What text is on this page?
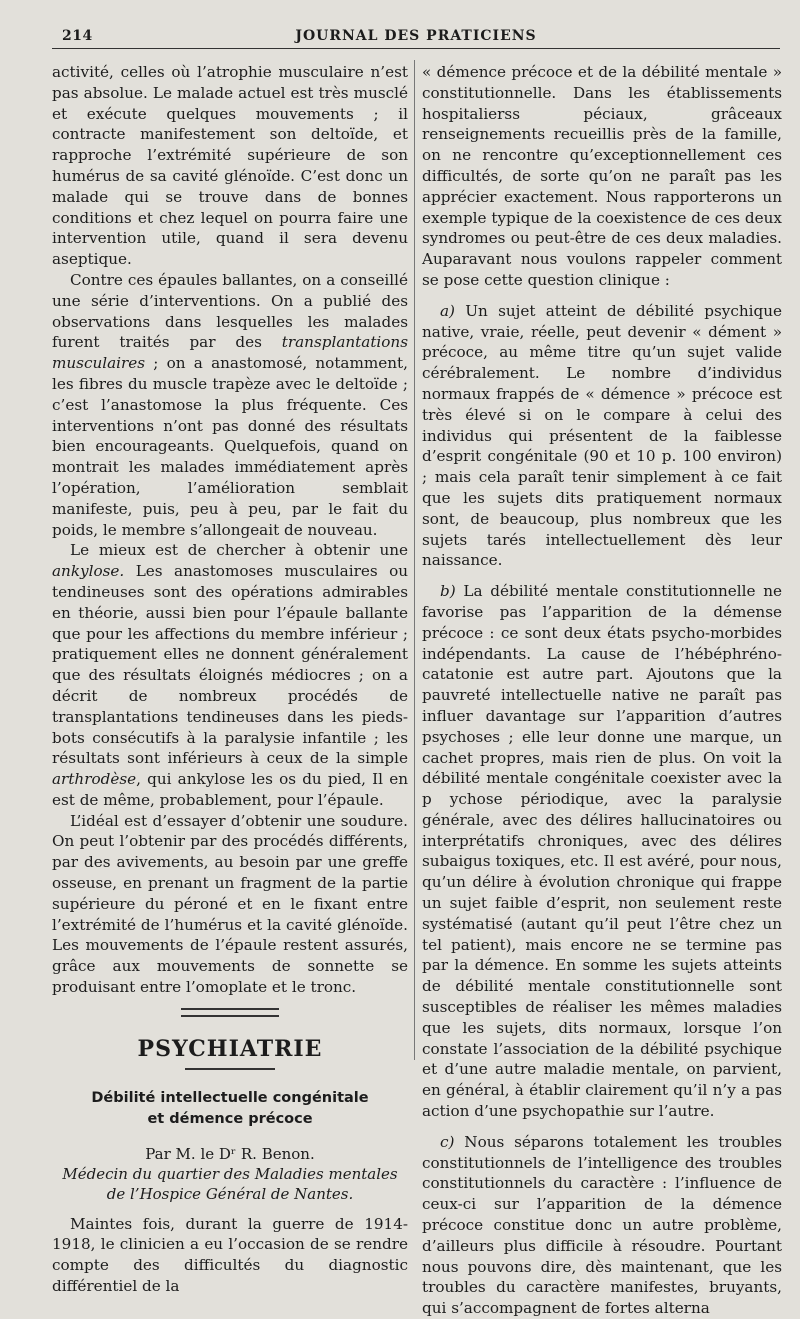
214	JOURNAL DES PRATICIENS

activité, celles où l’atrophie musculaire n’est pas absolue. Le malade actuel est très musclé et exécute quelques mouvements ; il contracte manifestement son deltoïde, et rapproche l’extrémité supérieure de son humérus de sa cavité glénoïde. C’est donc un malade qui se trouve dans de bonnes conditions et chez lequel on pourra faire une intervention utile, quand il sera devenu aseptique.

Contre ces épaules ballantes, on a conseillé une série d’interventions. On a publié des observations dans lesquelles les malades furent traités par des transplantations musculaires ; on a anastomosé, notamment, les fibres du muscle trapèze avec le deltoïde ; c’est l’anastomose la plus fréquente. Ces interventions n’ont pas donné des résultats bien encourageants. Quelquefois, quand on montrait les malades immédiatement après l’opération, l’amélioration semblait manifeste, puis, peu à peu, par le fait du poids, le membre s’allongeait de nouveau.

Le mieux est de chercher à obtenir une ankylose. Les anastomoses musculaires ou tendineuses sont des opérations admirables en théorie, aussi bien pour l’épaule ballante que pour les affections du membre inférieur ; pratiquement elles ne donnent généralement que des résultats éloignés médiocres ; on a décrit de nombreux procédés de transplantations tendineuses dans les pieds-bots consécutifs à la paralysie infantile ; les résultats sont inférieurs à ceux de la simple arthrodèse, qui ankylose les os du pied, Il en est de même, probablement, pour l’épaule.

L’idéal est d’essayer d’obtenir une soudure. On peut l’obtenir par des procédés différents, par des avivements, au besoin par une greffe osseuse, en prenant un fragment de la partie supérieure du péroné et en le fixant entre l’extrémité de l’humérus et la cavité glénoïde. Les mouvements de l’épaule restent assurés, grâce aux mouvements de sonnette se produisant entre l’omoplate et le tronc.

PSYCHIATRIE
Débilité intellectuelle congénitale
et démence précoce
Par M. le Dʳ R. Benon.
Médecin du quartier des Maladies mentales
de l’Hospice Général de Nantes.

Maintes fois, durant la guerre de 1914-1918, le clinicien a eu l’occasion de se rendre compte des difficultés du diagnostic différentiel de la

« démence précoce et de la débilité mentale » constitutionnelle. Dans les établissements hospitalierss péciaux, grâceaux renseignements recueillis près de la famille, on ne rencontre qu’exceptionnellement ces difficultés, de sorte qu’on ne paraît pas les apprécier exactement. Nous rapporterons un exemple typique de la coexistence de ces deux syndromes ou peut-être de ces deux maladies. Auparavant nous voulons rappeler comment se pose cette question clinique :

a) Un sujet atteint de débilité psychique native, vraie, réelle, peut devenir « dément » précoce, au même titre qu’un sujet valide cérébralement. Le nombre d’individus normaux frappés de « démence » précoce est très élevé si on le compare à celui des individus qui présentent de la faiblesse d’esprit congénitale (90 et 10 p. 100 environ) ; mais cela paraît tenir simplement à ce fait que les sujets dits pratiquement normaux sont, de beaucoup, plus nombreux que les sujets tarés intellectuellement dès leur naissance.

b) La débilité mentale constitutionnelle ne favorise pas l’apparition de la démense précoce : ce sont deux états psycho-morbides indépendants. La cause de l’hébéphréno-catatonie est autre part. Ajoutons que la pauvreté intellectuelle native ne paraît pas influer davantage sur l’apparition d’autres psychoses ; elle leur donne une marque, un cachet propres, mais rien de plus. On voit la débilité mentale congénitale coexister avec la p ychose périodique, avec la paralysie générale, avec des délires hallucinatoires ou interprétatifs chroniques, avec des délires subaigus toxiques, etc. Il est avéré, pour nous, qu’un délire à évolution chronique qui frappe un sujet faible d’esprit, non seulement reste systématisé (autant qu’il peut l’être chez un tel patient), mais encore ne se termine pas par la démence. En somme les sujets atteints de débilité mentale constitutionnelle sont susceptibles de réaliser les mêmes maladies que les sujets, dits normaux, lorsque l’on constate l’association de la débilité psychique et d’une autre maladie mentale, on parvient, en général, à établir clairement qu’il n’y a pas action d’une psychopathie sur l’autre.

c) Nous séparons totalement les troubles constitutionnels de l’intelligence des troubles constitutionnels du caractère : l’influence de ceux-ci sur l’apparition de la démence précoce constitue donc un autre problème, d’ailleurs plus difficile à résoudre. Pourtant nous pouvons dire, dès maintenant, que les troubles du caractère manifestes, bruyants, qui s’accompagnent de fortes alterna
